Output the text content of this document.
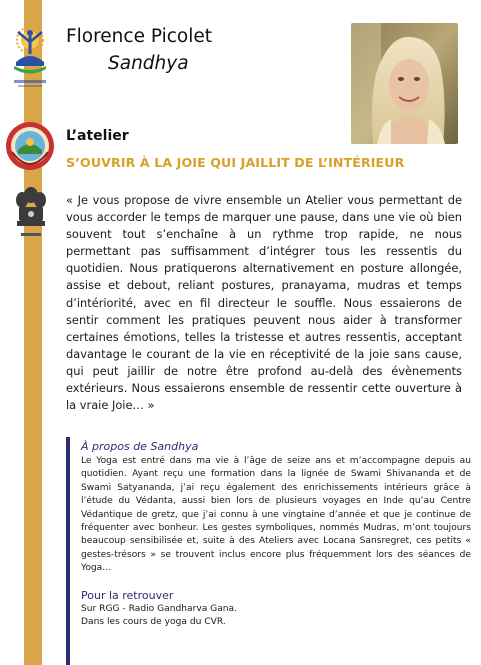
Florence Picolet
Sandhya
L’atelier
S’OUVRIR À LA JOIE QUI JAILLIT DE L’INTÉRIEUR
« Je vous propose de vivre ensemble un Atelier vous permettant de vous accorder le temps de marquer une pause, dans une vie où bien souvent tout s’enchaîne à un rythme trop rapide, ne nous permettant pas suffisamment d’intégrer tous les ressentis du quotidien. Nous pratiquerons alternativement en posture allongée, assise et debout, reliant postures, pranayama, mudras et temps d’intériorité, avec en fil directeur le souffle. Nous essaierons de sentir comment les pratiques peuvent nous aider à transformer certaines émotions, telles la tristesse et autres ressentis, acceptant davantage le courant de la vie en réceptivité de la joie sans cause, qui peut jaillir de notre être profond au-delà des évènements extérieurs. Nous essaierons ensemble de ressentir cette ouverture à la vraie Joie… »
À propos de Sandhya
Le Yoga est entré dans ma vie à l’âge de seize ans et m’accompagne depuis au quotidien. Ayant reçu une formation dans la lignée de Swami Shivananda et de Swami Satyananda, j’ai reçu également des enrichissements intérieurs grâce à l’étude du Védanta, aussi bien lors de plusieurs voyages en Inde qu’au Centre Védantique de gretz, que j’ai connu à une vingtaine d’année et que je continue de fréquenter avec bonheur. Les gestes symboliques, nommés Mudras, m’ont toujours beaucoup sensibilisée et, suite à des Ateliers avec Locana Sansregret, ces petits « gestes-trésors » se trouvent inclus encore plus fréquemment lors des séances de Yoga…
Pour la retrouver
Sur RGG - Radio Gandharva Gana.
Dans les cours de yoga du CVR.
